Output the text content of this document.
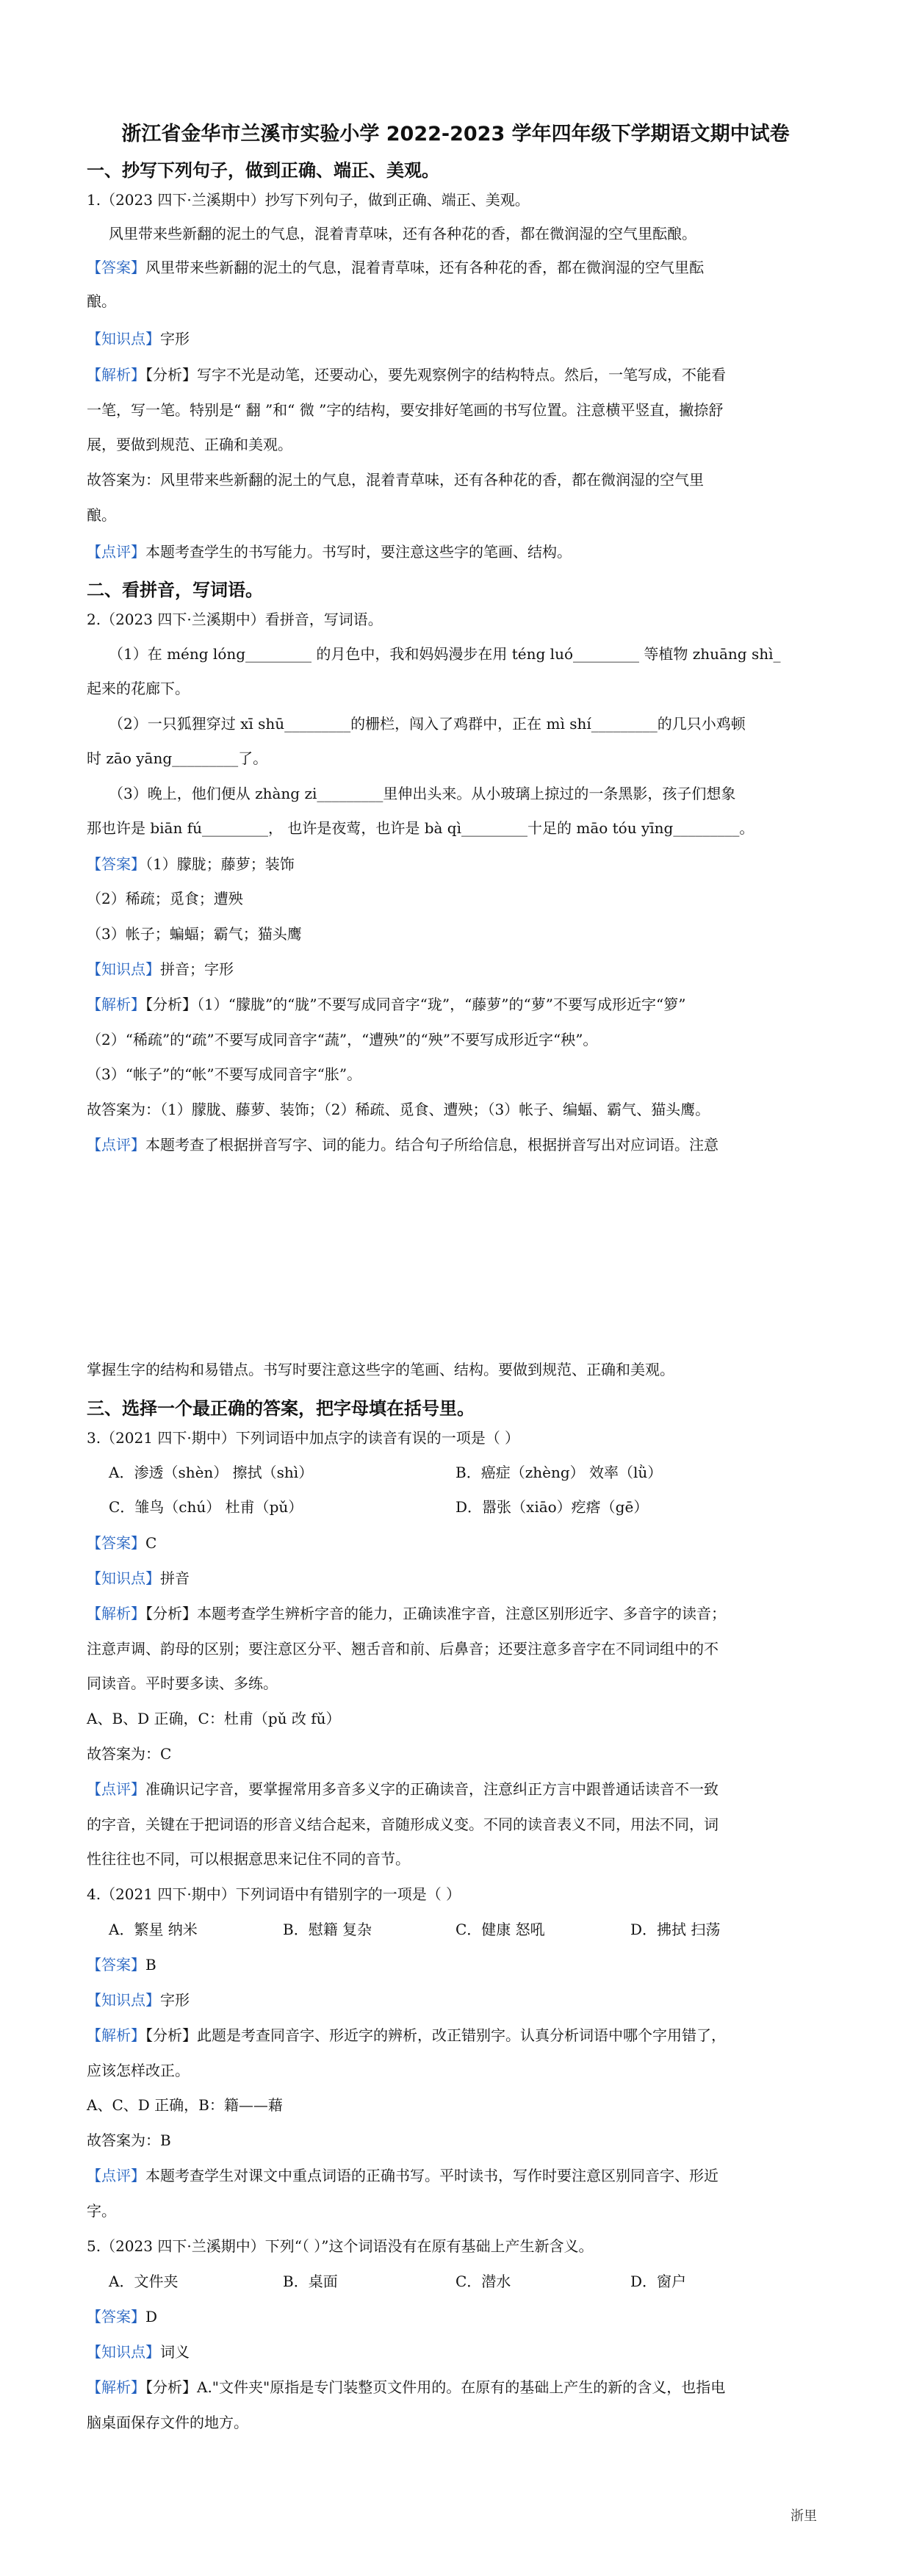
浙江省金华市兰溪市实验小学 2022-2023 学年四年级下学期语文期中试卷
一、抄写下列句子，做到正确、端正、美观。
1.（2023 四下·兰溪期中）抄写下列句子，做到正确、端正、美观。
风里带来些新翻的泥土的气息，混着青草味，还有各种花的香，都在微润湿的空气里酝酿。
【答案】风里带来些新翻的泥土的气息，混着青草味，还有各种花的香，都在微润湿的空气里酝
酿。
【知识点】字形
【解析】【分析】写字不光是动笔，还要动心，要先观察例字的结构特点。然后，一笔写成，不能看
一笔，写一笔。特别是“ 翻 ”和“ 微 ”字的结构，要安排好笔画的书写位置。注意横平竖直，撇捺舒
展，要做到规范、正确和美观。
故答案为：风里带来些新翻的泥土的气息，混着青草味，还有各种花的香，都在微润湿的空气里
酿。
【点评】本题考查学生的书写能力。书写时，要注意这些字的笔画、结构。
二、看拼音，写词语。
2.（2023 四下·兰溪期中）看拼音，写词语。
（1）在 méng lóng_________ 的月色中，我和妈妈漫步在用 téng luó_________ 等植物 zhuāng shì_
起来的花廊下。
（2）一只狐狸穿过 xī shū_________的栅栏，闯入了鸡群中，正在 mì shí_________的几只小鸡顿
时 zāo yāng_________了。
（3）晚上，他们便从 zhàng zi_________里伸出头来。从小玻璃上掠过的一条黑影，孩子们想象
那也许是 biān fú_________， 也许是夜莺，也许是 bà qì_________十足的 māo tóu yīng_________。
【答案】（1）朦胧；藤萝；装饰
（2）稀疏；觅食；遭殃
（3）帐子；蝙蝠；霸气；猫头鹰
【知识点】拼音；字形
【解析】【分析】（1）“朦胧”的“胧”不要写成同音字“珑”，“藤萝”的“萝”不要写成形近字“箩”
（2）“稀疏”的“疏”不要写成同音字“蔬”，“遭殃”的“殃”不要写成形近字“秧”。
（3）“帐子”的“帐”不要写成同音字“胀”。
故答案为：（1）朦胧、藤萝、装饰；（2）稀疏、觅食、遭殃；（3）帐子、编蝠、霸气、猫头鹰。
【点评】本题考查了根据拼音写字、词的能力。结合句子所给信息，根据拼音写出对应词语。注意
掌握生字的结构和易错点。书写时要注意这些字的笔画、结构。要做到规范、正确和美观。
三、选择一个最正确的答案，把字母填在括号里。
3.（2021 四下·期中）下列词语中加点字的读音有误的一项是（ ）
A．渗透（shèn） 擦拭（shì）	B．癌症（zhèng） 效率（lǜ）
C．雏鸟（chú） 杜甫（pǔ）	D．嚣张（xiāo）疙瘩（gē）
【答案】C
【知识点】拼音
【解析】【分析】本题考查学生辨析字音的能力，正确读准字音，注意区别形近字、多音字的读音；
注意声调、韵母的区别；要注意区分平、翘舌音和前、后鼻音；还要注意多音字在不同词组中的不
同读音。平时要多读、多练。
A、B、D 正确，C：杜甫（pǔ 改 fǔ）
故答案为：C
【点评】准确识记字音，要掌握常用多音多义字的正确读音，注意纠正方言中跟普通话读音不一致
的字音，关键在于把词语的形音义结合起来，音随形成义变。不同的读音表义不同，用法不同，词
性往往也不同，可以根据意思来记住不同的音节。
4.（2021 四下·期中）下列词语中有错别字的一项是（ ）
A．繁星 纳米	B．慰籍 复杂	C．健康 怒吼	D．拂拭 扫荡
【答案】B
【知识点】字形
【解析】【分析】此题是考查同音字、形近字的辨析，改正错别字。认真分析词语中哪个字用错了，
应该怎样改正。
A、C、D 正确，B：籍——藉
故答案为：B
【点评】本题考查学生对课文中重点词语的正确书写。平时读书，写作时要注意区别同音字、形近
字。
5.（2023 四下·兰溪期中）下列“（ ）”这个词语没有在原有基础上产生新含义。
A．文件夹	B．桌面	C．潜水	D．窗户
【答案】D
【知识点】词义
【解析】【分析】A."文件夹"原指是专门装整页文件用的。在原有的基础上产生的新的含义，也指电
脑桌面保存文件的地方。
浙里
